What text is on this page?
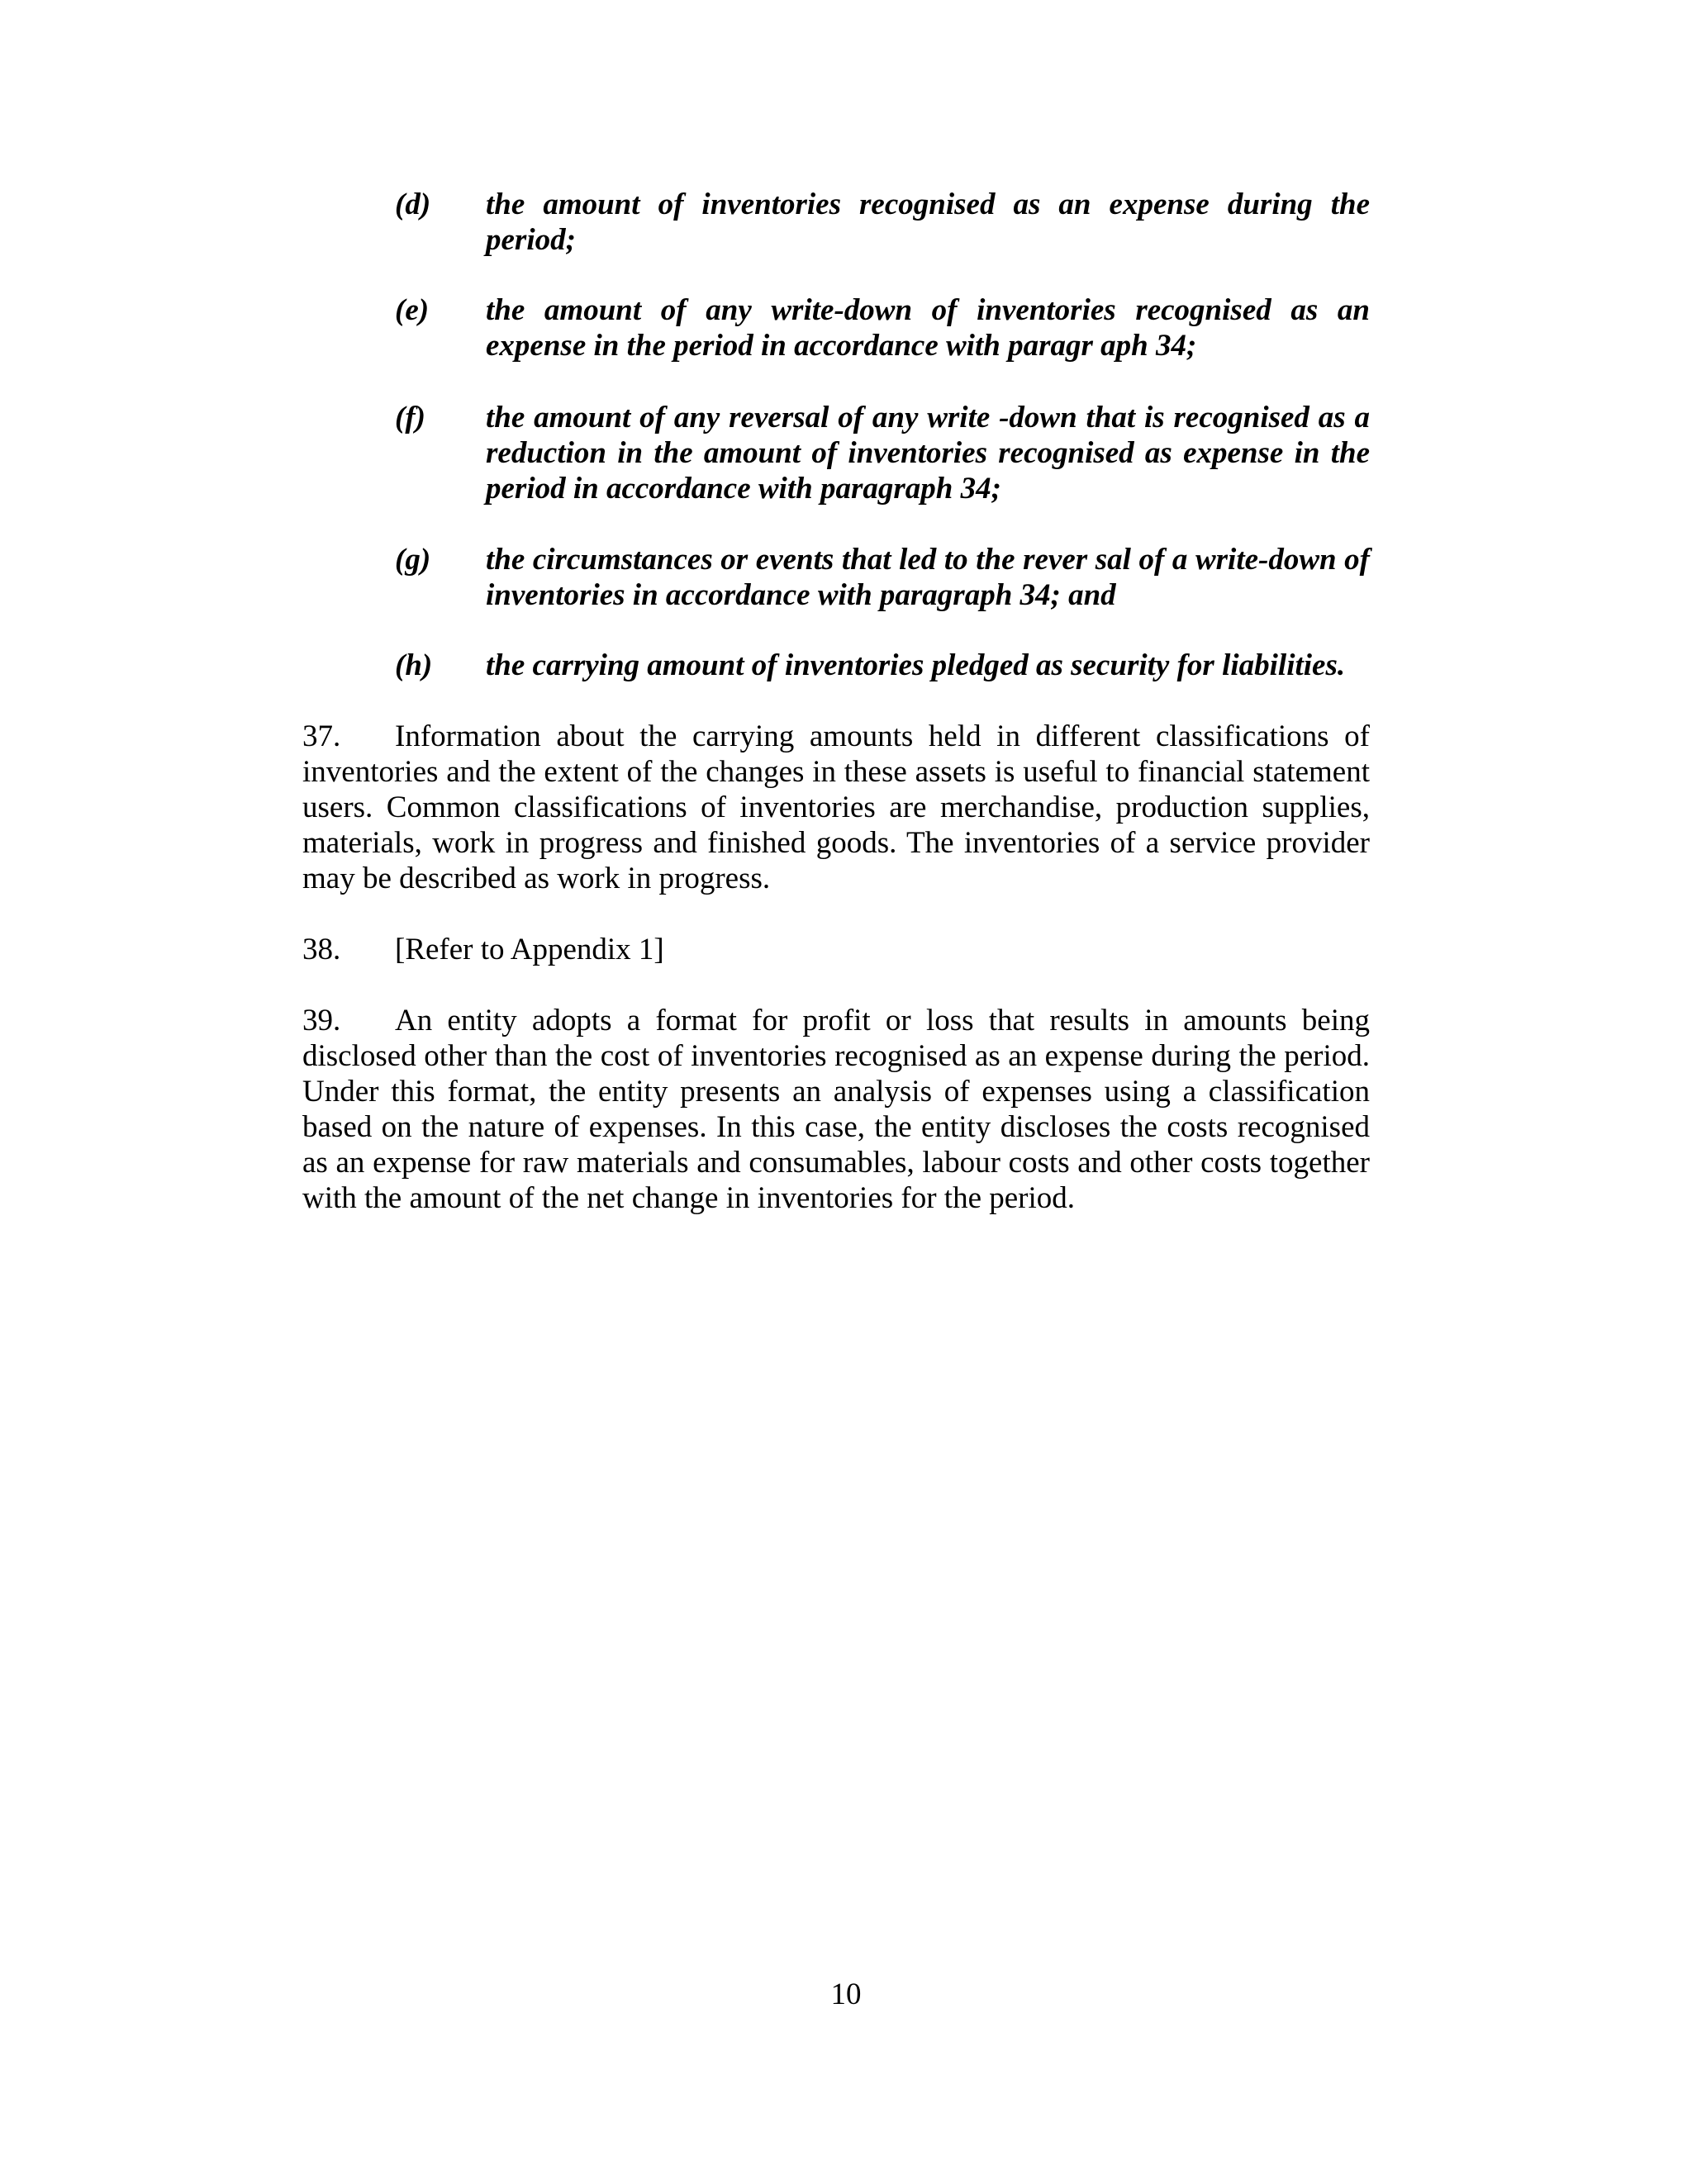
(d) the amount of inventories recognised as an expense during the period;
(e) the amount of any write-down of inventories recognised as an expense in the period in accordance with paragr aph 34;
(f) the amount of any reversal of any write -down that is recognised as a reduction in the amount of inventories recognised as expense in the period in accordance with paragraph 34;
(g) the circumstances or events that led to the rever sal of a write-down of inventories in accordance with paragraph 34; and
(h) the carrying amount of inventories pledged as security for liabilities.
37. Information about the carrying amounts held in different classifications of inventories and the extent of the changes in these assets is useful to financial statement users. Common classifications of inventories are merchandise, production supplies, materials, work in progress and finished goods. The inventories of a service provider may be described as work in progress.
38. [Refer to Appendix 1]
39. An entity adopts a format for profit or loss that results in amounts being disclosed other than the cost of inventories recognised as an expense during the period. Under this format, the entity presents an analysis of expenses using a classification based on the nature of expenses. In this case, the entity discloses the costs recognised as an expense for raw materials and consumables, labour costs and other costs together with the amount of the net change in inventories for the period.
10
